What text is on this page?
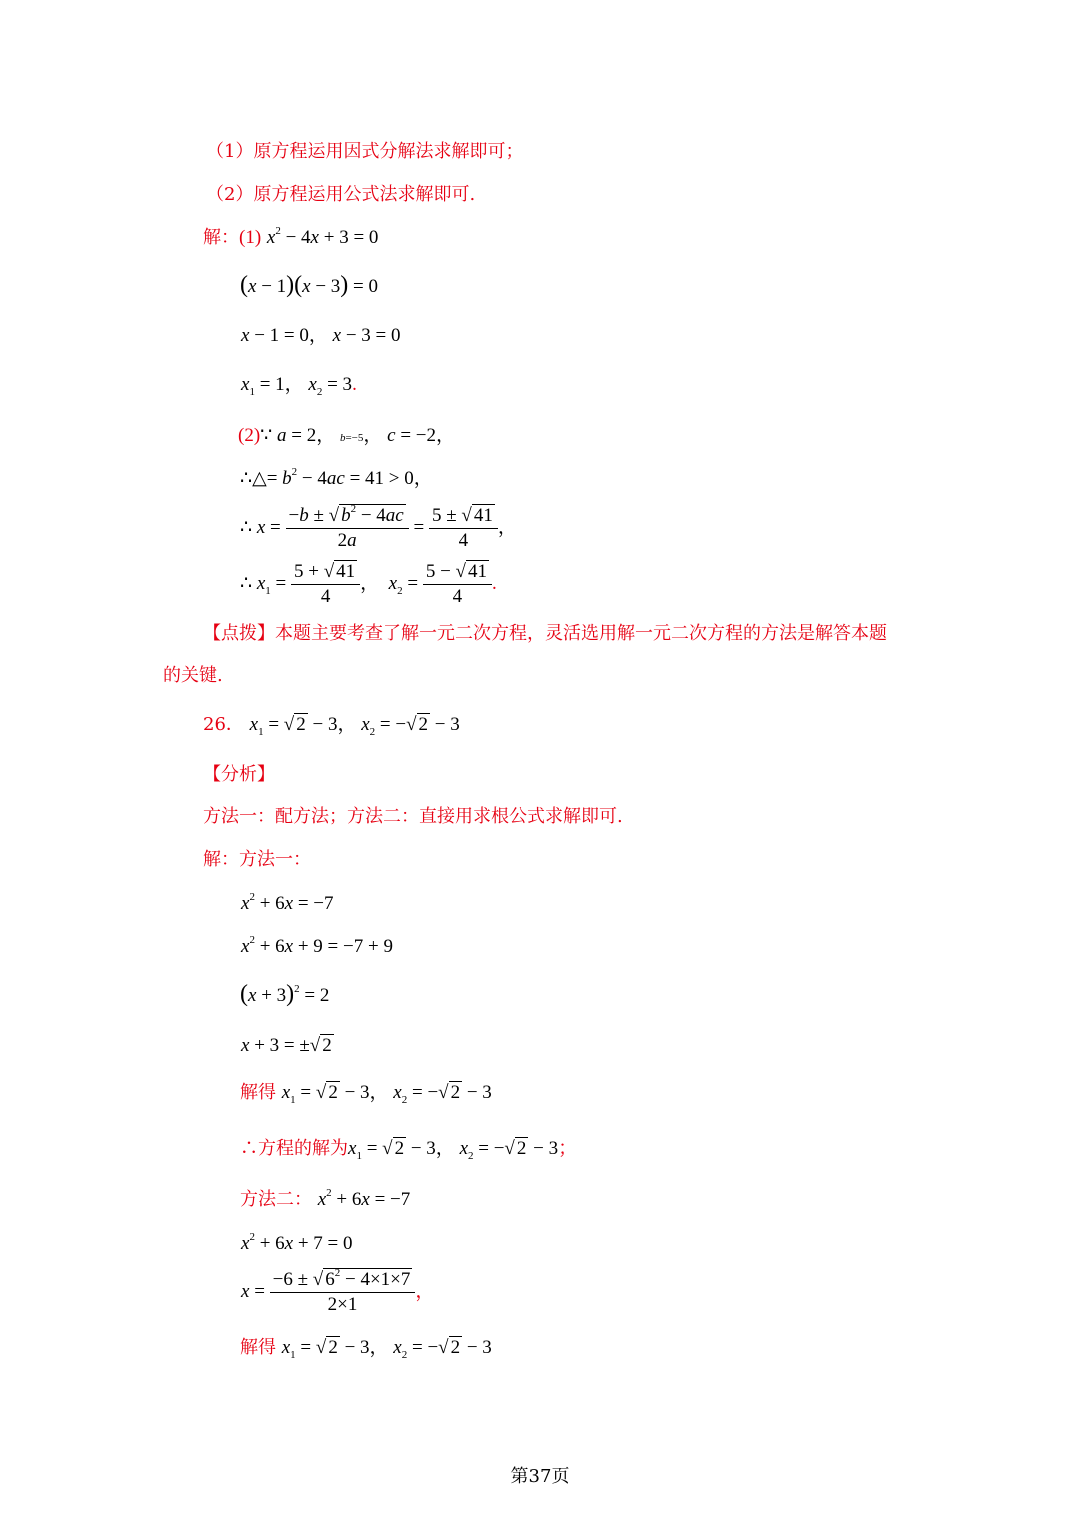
（1）原方程运用因式分解法求解即可；
（2）原方程运用公式法求解即可.
解：(1) $x^2 - 4x + 3 = 0$
(x − 1)(x − 3) = 0
x − 1 = 0， x − 3 = 0
$x_1 = 1$， $x_2 = 3$.
(2)∵ a = 2， b=−5， c = −2，
∴△= $b^2 - 4ac = 41 > 0$，
∴ $x = \frac{-b \pm √ b^2 - 4ac}{2a} = \frac{5 \pm √ 41}{4}$ ，
∴ $x_1 = \frac{5 + √ 41}{4}$ ，  $x_2 = \frac{5 - √ 41}{4}$ .
【点拨】本题主要考查了解一元二次方程，灵活选用解一元二次方程的方法是解答本题
的关键.
26． $x_1$ = √ 2 − 3， $x_2$ = −√ 2 − 3
【分析】
方法一：配方法；方法二：直接用求根公式求解即可.
解：方法一：
$x^2 + 6x = -7$
$x^2 + 6x + 9 = -7 + 9$
$(x + 3)^2 = 2$
x + 3 = ±√ 2
解得 $x_1$ = √ 2 − 3， $x_2$ = −√ 2 − 3
∴方程的解为$x_1$ = √ 2 − 3， $x_2$ = −√ 2 − 3；
方法二： $x^2 + 6x = -7$
$x^2 + 6x + 7 = 0$
$x = \frac{-6 \pm √ 6^2 - 4\times 1\times 7}{2\times 1}$ ，
解得 $x_1$ = √ 2 − 3， $x_2$ = −√ 2 − 3
第37页
